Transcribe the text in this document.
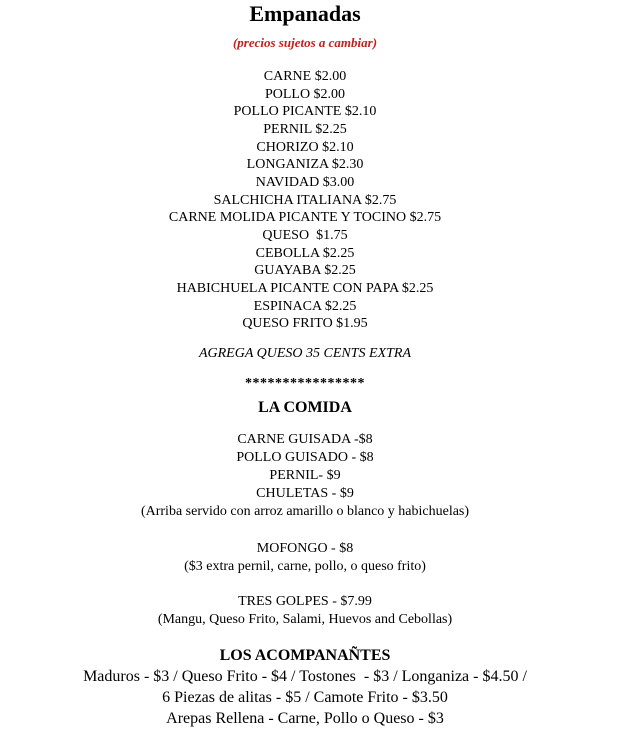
Empanadas
(precios sujetos a cambiar)
CARNE $2.00
POLLO $2.00
POLLO PICANTE $2.10
PERNIL $2.25
CHORIZO $2.10
LONGANIZA $2.30
NAVIDAD $3.00
SALCHICHA ITALIANA $2.75
CARNE MOLIDA PICANTE Y TOCINO $2.75
QUESO  $1.75
CEBOLLA $2.25
GUAYABA $2.25
HABICHUELA PICANTE CON PAPA $2.25
ESPINACA $2.25
QUESO FRITO $1.95
AGREGA QUESO 35 CENTS EXTRA
****************
LA COMIDA
CARNE GUISADA -$8
POLLO GUISADO - $8
PERNIL- $9
CHULETAS - $9
(Arriba servido con arroz amarillo o blanco y habichuelas)
MOFONGO - $8
($3 extra pernil, carne, pollo, o queso frito)
TRES GOLPES - $7.99
(Mangu, Queso Frito, Salami, Huevos and Cebollas)
LOS ACOMPANAÑTES
Maduros - $3 / Queso Frito - $4 / Tostones  - $3 / Longaniza - $4.50 /
6 Piezas de alitas - $5 / Camote Frito - $3.50
Arepas Rellena - Carne, Pollo o Queso - $3
